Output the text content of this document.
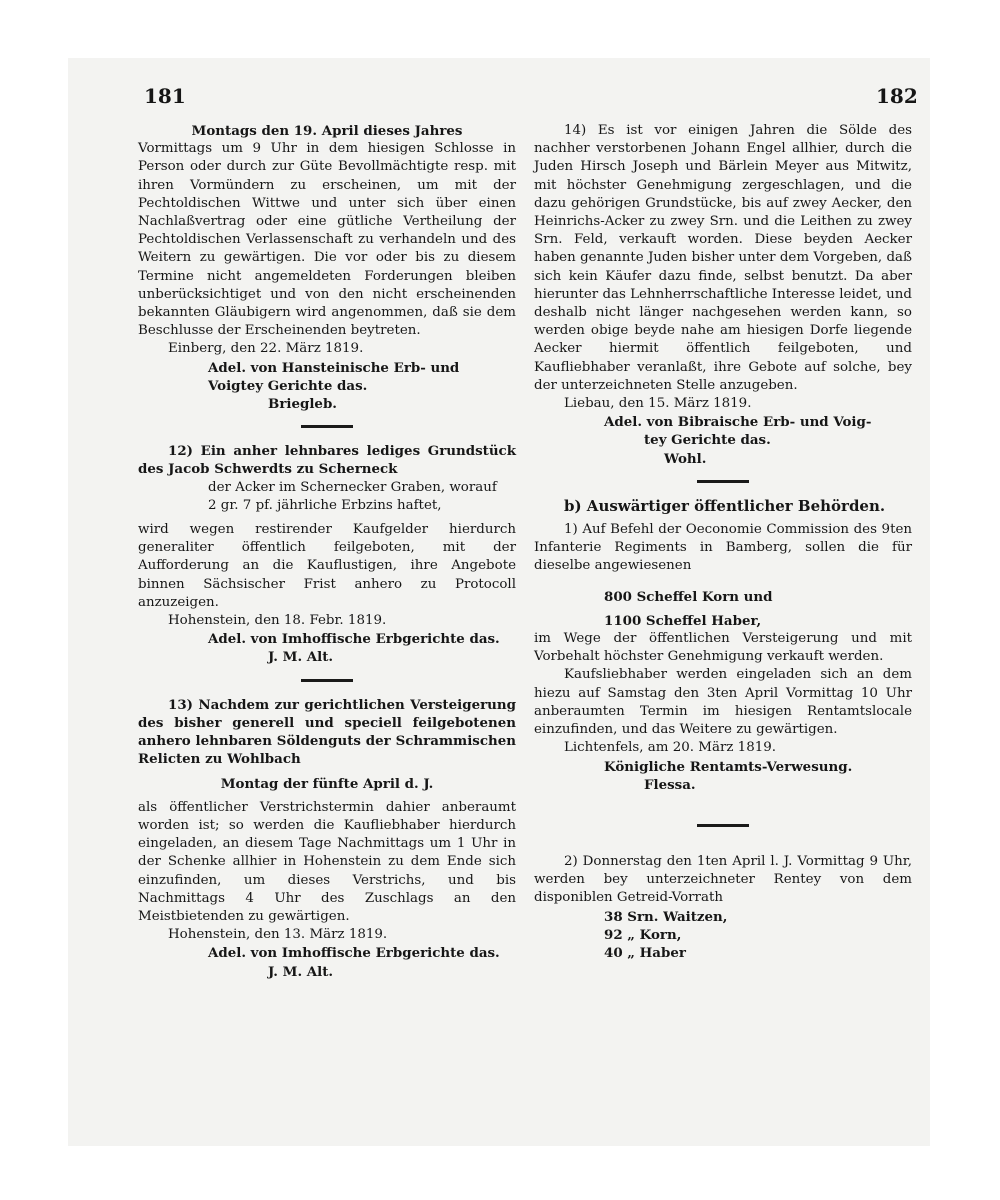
181	182

Montags den 19. April dieses Jahres

Vormittags um 9 Uhr in dem hiesigen Schlosse in Person oder durch zur Güte Bevollmächtigte resp. mit ihren Vormündern zu erscheinen, um mit der Pechtoldischen Wittwe und unter sich über einen Nachlaßvertrag oder eine gütliche Vertheilung der Pechtoldischen Verlassenschaft zu verhandeln und des Weitern zu gewärtigen. Die vor oder bis zu diesem Termine nicht angemeldeten Forderungen bleiben unberücksichtiget und von den nicht erscheinenden bekannten Gläubigern wird angenommen, daß sie dem Beschlusse der Erscheinenden beytreten.

Einberg, den 22. März 1819.

Adel. von Hansteinische Erb- und

Voigtey Gerichte das.

Briegleb.

12) Ein anher lehnbares lediges Grundstück des Jacob Schwerdts zu Scherneck

der Acker im Schernecker Graben, worauf

2 gr. 7 pf. jährliche Erbzins haftet,

wird wegen restirender Kaufgelder hierdurch generaliter öffentlich feilgeboten, mit der Aufforderung an die Kauflustigen, ihre Angebote binnen Sächsischer Frist anhero zu Protocoll anzuzeigen.

Hohenstein, den 18. Febr. 1819.

Adel. von Imhoffische Erbgerichte das.

J. M. Alt.

13) Nachdem zur gerichtlichen Versteigerung des bisher generell und speciell feilgebotenen anhero lehnbaren Söldenguts der Schrammischen Relicten zu Wohlbach

Montag der fünfte April d. J.

als öffentlicher Verstrichstermin dahier anberaumt worden ist; so werden die Kaufliebhaber hierdurch eingeladen, an diesem Tage Nachmittags um 1 Uhr in der Schenke allhier in Hohenstein zu dem Ende sich einzufinden, um dieses Verstrichs, und bis Nachmittags 4 Uhr des Zuschlags an den Meistbietenden zu gewärtigen.

Hohenstein, den 13. März 1819.

Adel. von Imhoffische Erbgerichte das.

J. M. Alt.

14) Es ist vor einigen Jahren die Sölde des nachher verstorbenen Johann Engel allhier, durch die Juden Hirsch Joseph und Bärlein Meyer aus Mitwitz, mit höchster Genehmigung zergeschlagen, und die dazu gehörigen Grundstücke, bis auf zwey Aecker, den Heinrichs-Acker zu zwey Srn. und die Leithen zu zwey Srn. Feld, verkauft worden. Diese beyden Aecker haben genannte Juden bisher unter dem Vorgeben, daß sich kein Käufer dazu finde, selbst benutzt. Da aber hierunter das Lehnherrschaftliche Interesse leidet, und deshalb nicht länger nachgesehen werden kann, so werden obige beyde nahe am hiesigen Dorfe liegende Aecker hiermit öffentlich feilgeboten, und Kaufliebhaber veranlaßt, ihre Gebote auf solche, bey der unterzeichneten Stelle anzugeben.

Liebau, den 15. März 1819.

Adel. von Bibraische Erb- und Voig-

tey Gerichte das.

Wohl.

b) Auswärtiger öffentlicher Behörden.

1) Auf Befehl der Oeconomie Commission des 9ten Infanterie Regiments in Bamberg, sollen die für dieselbe angewiesenen

800 Scheffel Korn und

1100 Scheffel Haber,

im Wege der öffentlichen Versteigerung und mit Vorbehalt höchster Genehmigung verkauft werden.

Kaufsliebhaber werden eingeladen sich an dem hiezu auf Samstag den 3ten April Vormittag 10 Uhr anberaumten Termin im hiesigen Rentamtslocale einzufinden, und das Weitere zu gewärtigen.

Lichtenfels, am 20. März 1819.

Königliche Rentamts-Verwesung.

Flessa.

2) Donnerstag den 1ten April l. J. Vormittag 9 Uhr, werden bey unterzeichneter Rentey von dem disponiblen Getreid-Vorrath

38 Srn. Waitzen,

92 „ Korn,

40 „ Haber
